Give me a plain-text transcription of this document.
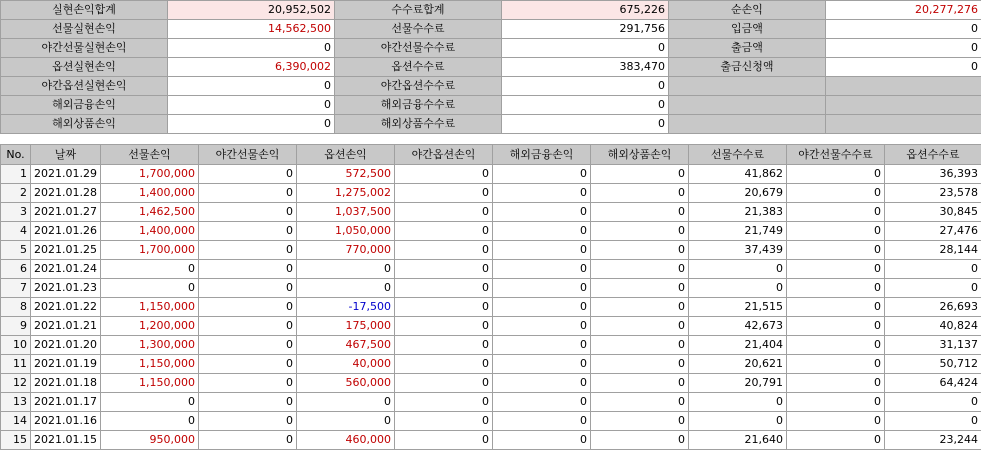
실현손익합계	20,952,502	수수료합계	675,226	순손익	20,277,276
선물실현손익	14,562,500	선물수수료	291,756	입금액	0
야간선물실현손익	0	야간선물수수료	0	출금액	0
옵션실현손익	6,390,002	옵션수수료	383,470	출금신청액	0
야간옵션실현손익	0	야간옵션수수료	0		
해외금융손익	0	해외금융수수료	0		
해외상품손익	0	해외상품수수료	0		
No.	날짜	선물손익	야간선물손익	옵션손익	야간옵션손익	해외금융손익	해외상품손익	선물수수료	야간선물수수료	옵션수수료
1	2021.01.29	1,700,000	0	572,500	0	0	0	41,862	0	36,393
2	2021.01.28	1,400,000	0	1,275,002	0	0	0	20,679	0	23,578
3	2021.01.27	1,462,500	0	1,037,500	0	0	0	21,383	0	30,845
4	2021.01.26	1,400,000	0	1,050,000	0	0	0	21,749	0	27,476
5	2021.01.25	1,700,000	0	770,000	0	0	0	37,439	0	28,144
6	2021.01.24	0	0	0	0	0	0	0	0	0
7	2021.01.23	0	0	0	0	0	0	0	0	0
8	2021.01.22	1,150,000	0	-17,500	0	0	0	21,515	0	26,693
9	2021.01.21	1,200,000	0	175,000	0	0	0	42,673	0	40,824
10	2021.01.20	1,300,000	0	467,500	0	0	0	21,404	0	31,137
11	2021.01.19	1,150,000	0	40,000	0	0	0	20,621	0	50,712
12	2021.01.18	1,150,000	0	560,000	0	0	0	20,791	0	64,424
13	2021.01.17	0	0	0	0	0	0	0	0	0
14	2021.01.16	0	0	0	0	0	0	0	0	0
15	2021.01.15	950,000	0	460,000	0	0	0	21,640	0	23,244
